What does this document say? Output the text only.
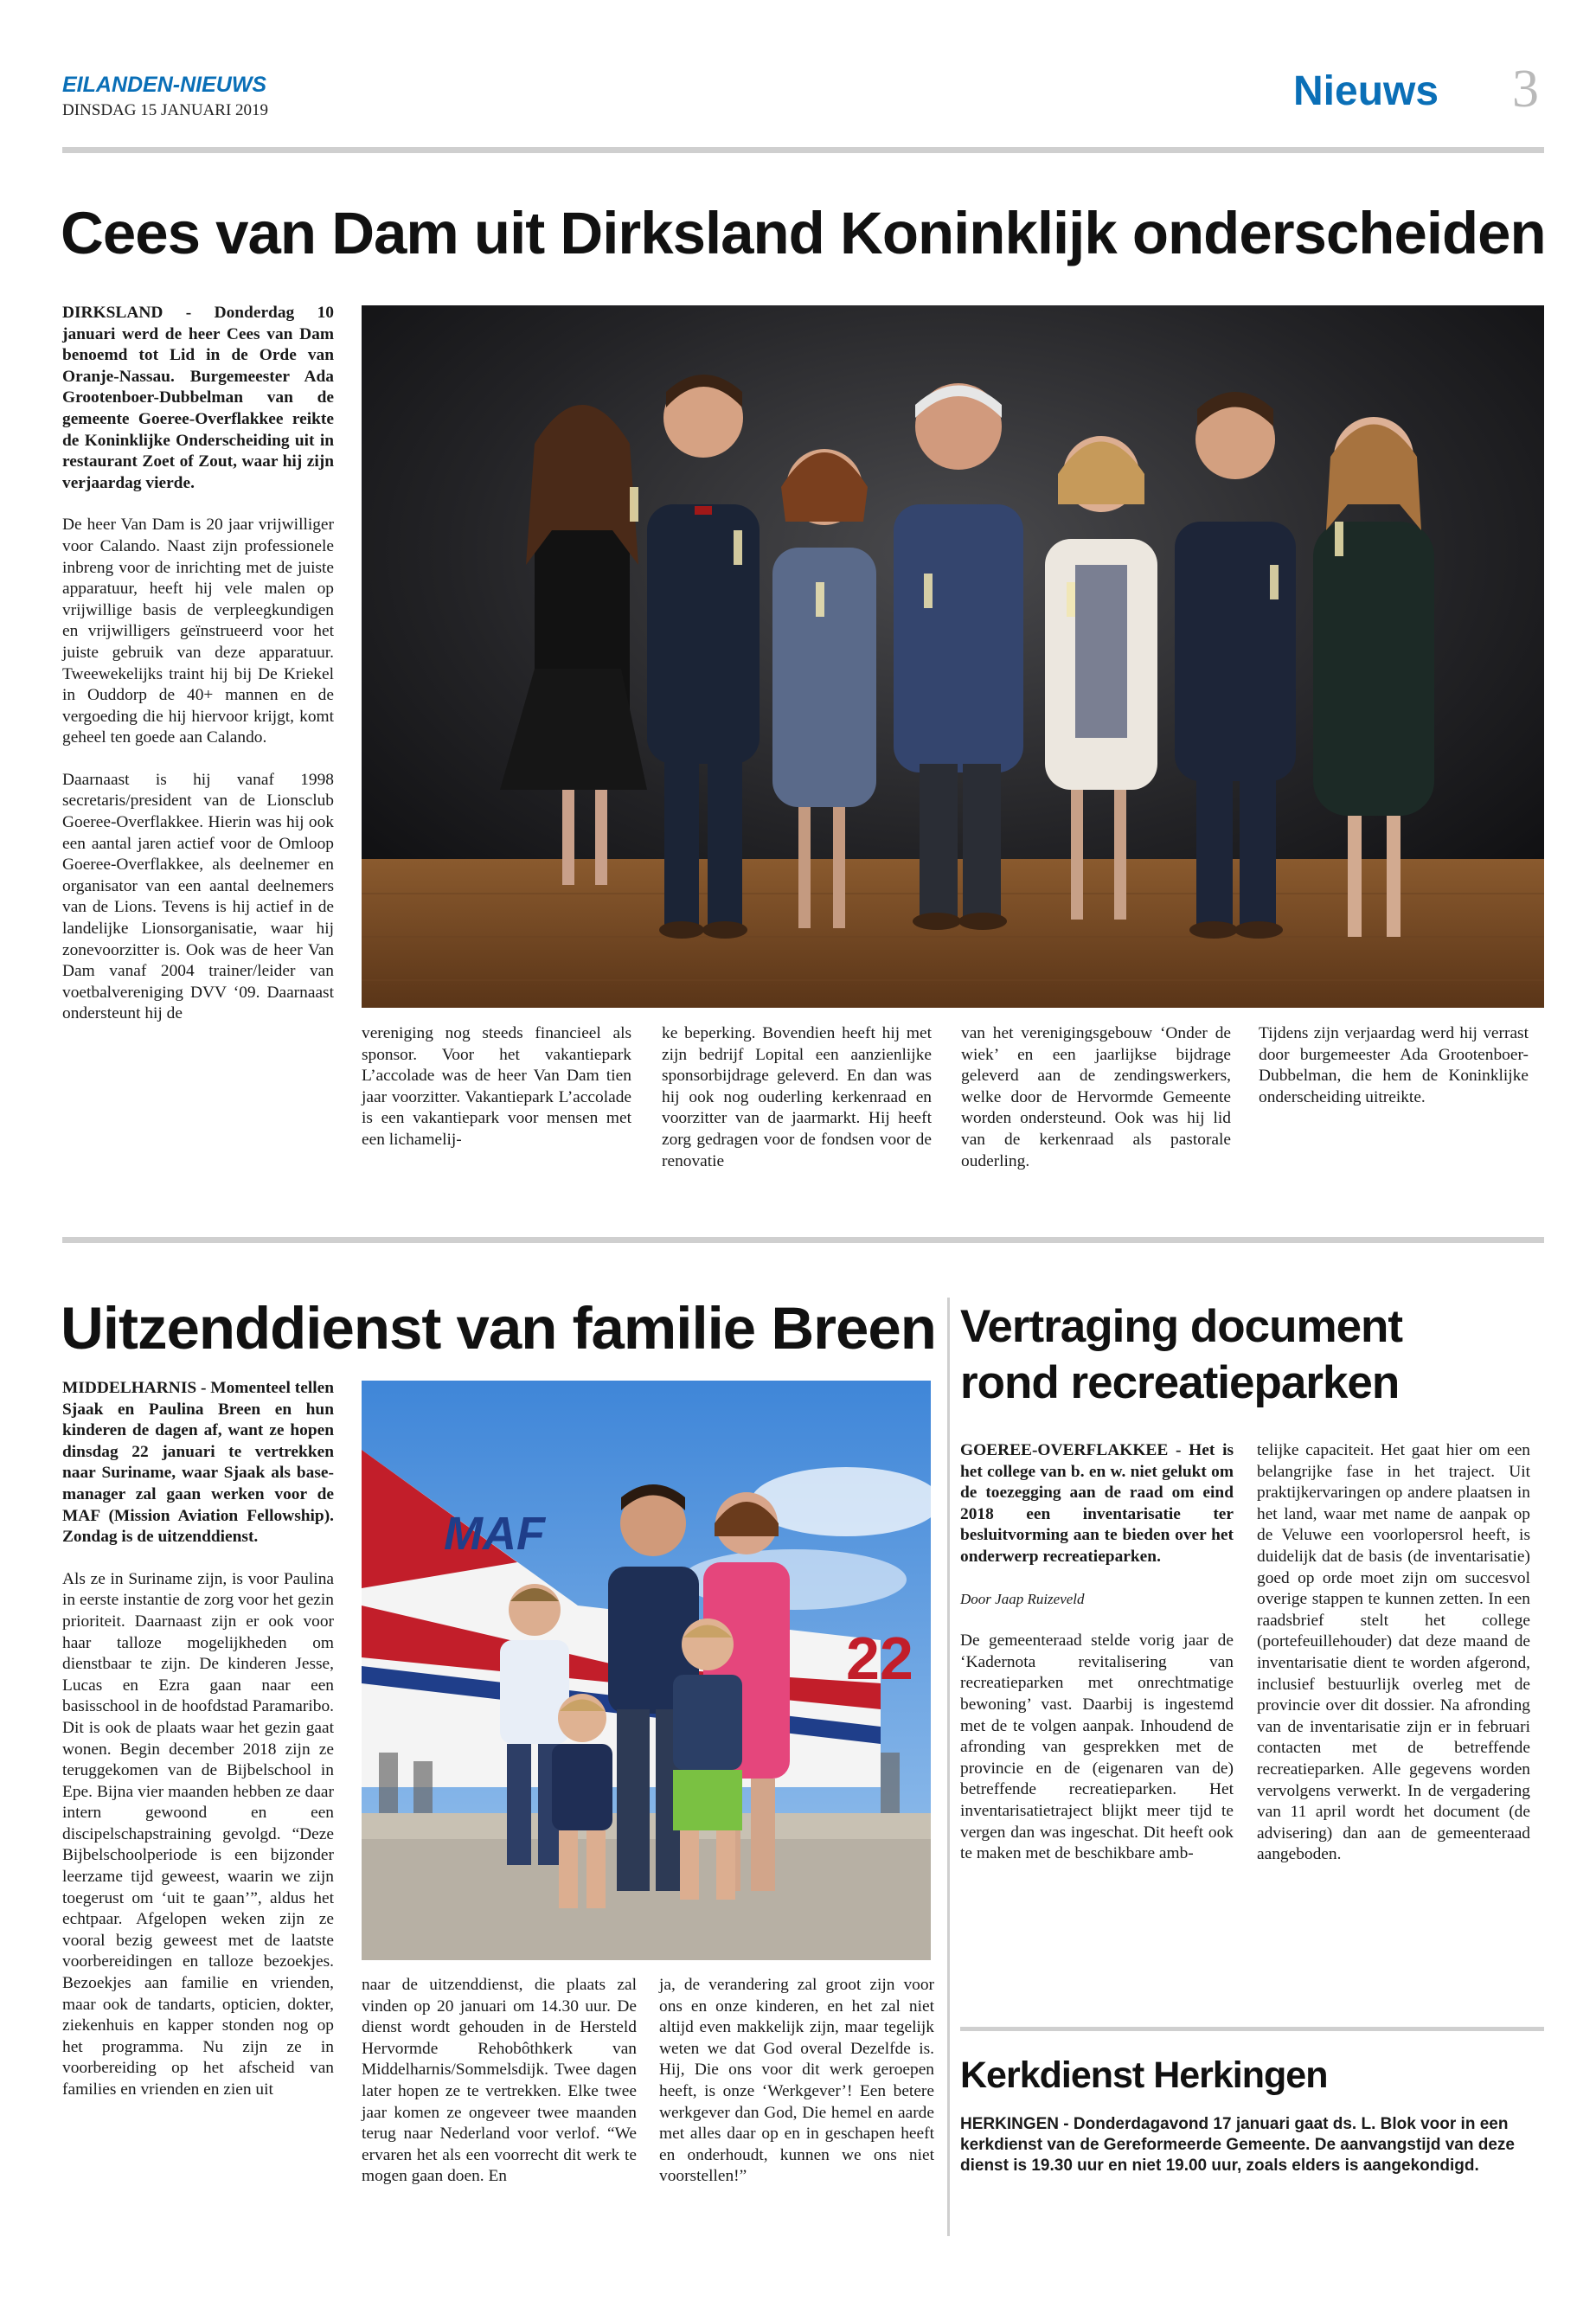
EILANDEN-NIEUWS
DINSDAG 15 JANUARI 2019	Nieuws 3
Cees van Dam uit Dirksland Koninklijk onderscheiden

DIRKSLAND - Donderdag 10 januari werd de heer Cees van Dam benoemd tot Lid in de Orde van Oranje-Nassau. Burgemeester Ada Grootenboer-Dubbelman van de gemeente Goeree-Overflakkee reikte de Koninklijke Onderscheiding uit in restaurant Zoet of Zout, waar hij zijn verjaardag vierde.

De heer Van Dam is 20 jaar vrijwilliger voor Calando. Naast zijn professionele inbreng voor de inrichting met de juiste apparatuur, heeft hij vele malen op vrijwillige basis de verpleegkundigen en vrijwilligers geïnstrueerd voor het juiste gebruik van deze apparatuur. Tweewekelijks traint hij bij De Kriekel in Ouddorp de 40+ mannen en de vergoeding die hij hiervoor krijgt, komt geheel ten goede aan Calando.

Daarnaast is hij vanaf 1998 secretaris/president van de Lionsclub Goeree-Overflakkee. Hierin was hij ook een aantal jaren actief voor de Omloop Goeree-Overflakkee, als deelnemer en organisator van een aantal deelnemers van de Lions. Tevens is hij actief in de landelijke Lionsorganisatie, waar hij zonevoorzitter is. Ook was de heer Van Dam vanaf 2004 trainer/leider van voetbalvereniging DVV ‘09. Daarnaast ondersteunt hij de

vereniging nog steeds financieel als sponsor. Voor het vakantiepark L’accolade was de heer Van Dam tien jaar voorzitter. Vakantiepark L’accolade is een vakantiepark voor mensen met een lichamelij-
ke beperking. Bovendien heeft hij met zijn bedrijf Lopital een aanzienlijke sponsorbijdrage geleverd. En dan was hij ook nog ouderling kerkenraad en voorzitter van de jaarmarkt. Hij heeft zorg gedragen voor de fondsen voor de renovatie
van het verenigingsgebouw ‘Onder de wiek’ en een jaarlijkse bijdrage geleverd aan de zendingswerkers, welke door de Hervormde Gemeente worden ondersteund. Ook was hij lid van de kerkenraad als pastorale ouderling.
Tijdens zijn verjaardag werd hij verrast door burgemeester Ada Grootenboer-Dubbelman, die hem de Koninklijke onderscheiding uitreikte.
Uitzenddienst van familie Breen

MIDDELHARNIS - Momenteel tellen Sjaak en Paulina Breen en hun kinderen de dagen af, want ze hopen dinsdag 22 januari te vertrekken naar Suriname, waar Sjaak als base-manager zal gaan werken voor de MAF (Mission Aviation Fellowship). Zondag is de uitzenddienst.

Als ze in Suriname zijn, is voor Paulina in eerste instantie de zorg voor het gezin prioriteit. Daarnaast zijn er ook voor haar talloze mogelijkheden om dienstbaar te zijn. De kinderen Jesse, Lucas en Ezra gaan naar een basisschool in de hoofdstad Paramaribo. Dit is ook de plaats waar het gezin gaat wonen. Begin december 2018 zijn ze teruggekomen van de Bijbelschool in Epe. Bijna vier maanden hebben ze daar intern gewoond en een discipelschapstraining gevolgd. “Deze Bijbelschoolperiode is een bijzonder leerzame tijd geweest, waarin we zijn toegerust om ‘uit te gaan’”, aldus het echtpaar. Afgelopen weken zijn ze vooral bezig geweest met de laatste voorbereidingen en talloze bezoekjes. Bezoekjes aan familie en vrienden, maar ook de tandarts, opticien, dokter, ziekenhuis en kapper stonden nog op het programma. Nu zijn ze in voorbereiding op het afscheid van families en vrienden en zien uit

MAF
22
naar de uitzenddienst, die plaats zal vinden op 20 januari om 14.30 uur. De dienst wordt gehouden in de Hersteld Hervormde Rehobôthkerk van Middelharnis/Sommelsdijk. Twee dagen later hopen ze te vertrekken. Elke twee jaar komen ze ongeveer twee maanden terug naar Nederland voor verlof. “We ervaren het als een voorrecht dit werk te mogen gaan doen. En
ja, de verandering zal groot zijn voor ons en onze kinderen, en het zal niet altijd even makkelijk zijn, maar tegelijk weten we dat God overal Dezelfde is. Hij, Die ons voor dit werk geroepen heeft, is onze ‘Werkgever’! Een betere werkgever dan God, Die hemel en aarde met alles daar op en in geschapen heeft en onderhoudt, kunnen we ons niet voorstellen!”
Vertraging document
rond recreatieparken

GOEREE-OVERFLAKKEE - Het is het college van b. en w. niet gelukt om de toezegging aan de raad om eind 2018 een inventarisatie ter besluitvorming aan te bieden over het onderwerp recreatieparken.

Door Jaap Ruizeveld

De gemeenteraad stelde vorig jaar de ‘Kadernota revitalisering van recreatieparken met onrechtmatige bewoning’ vast. Daarbij is ingestemd met de te volgen aanpak. Inhoudend de afronding van gesprekken met de provincie en de (eigenaren van de) betreffende recreatieparken. Het inventarisatietraject blijkt meer tijd te vergen dan was ingeschat. Dit heeft ook te maken met de beschikbare amb-

telijke capaciteit. Het gaat hier om een belangrijke fase in het traject. Uit praktijkervaringen op andere plaatsen in het land, waar met name de aanpak op de Veluwe een voorlopersrol heeft, is duidelijk dat de basis (de inventarisatie) goed op orde moet zijn om succesvol overige stappen te kunnen zetten. In een raadsbrief stelt het college (portefeuillehouder) dat deze maand de inventarisatie dient te worden afgerond, inclusief bestuurlijk overleg met de provincie over dit dossier. Na afronding van de inventarisatie zijn er in februari contacten met de betreffende recreatieparken. Alle gegevens worden vervolgens verwerkt. In de vergadering van 11 april wordt het document (de advisering) dan aan de gemeenteraad aangeboden.
Kerkdienst Herkingen
HERKINGEN - Donderdagavond 17 januari gaat ds. L. Blok voor in een kerkdienst van de Gereformeerde Gemeente. De aanvangstijd van deze dienst is 19.30 uur en niet 19.00 uur, zoals elders is aangekondigd.
